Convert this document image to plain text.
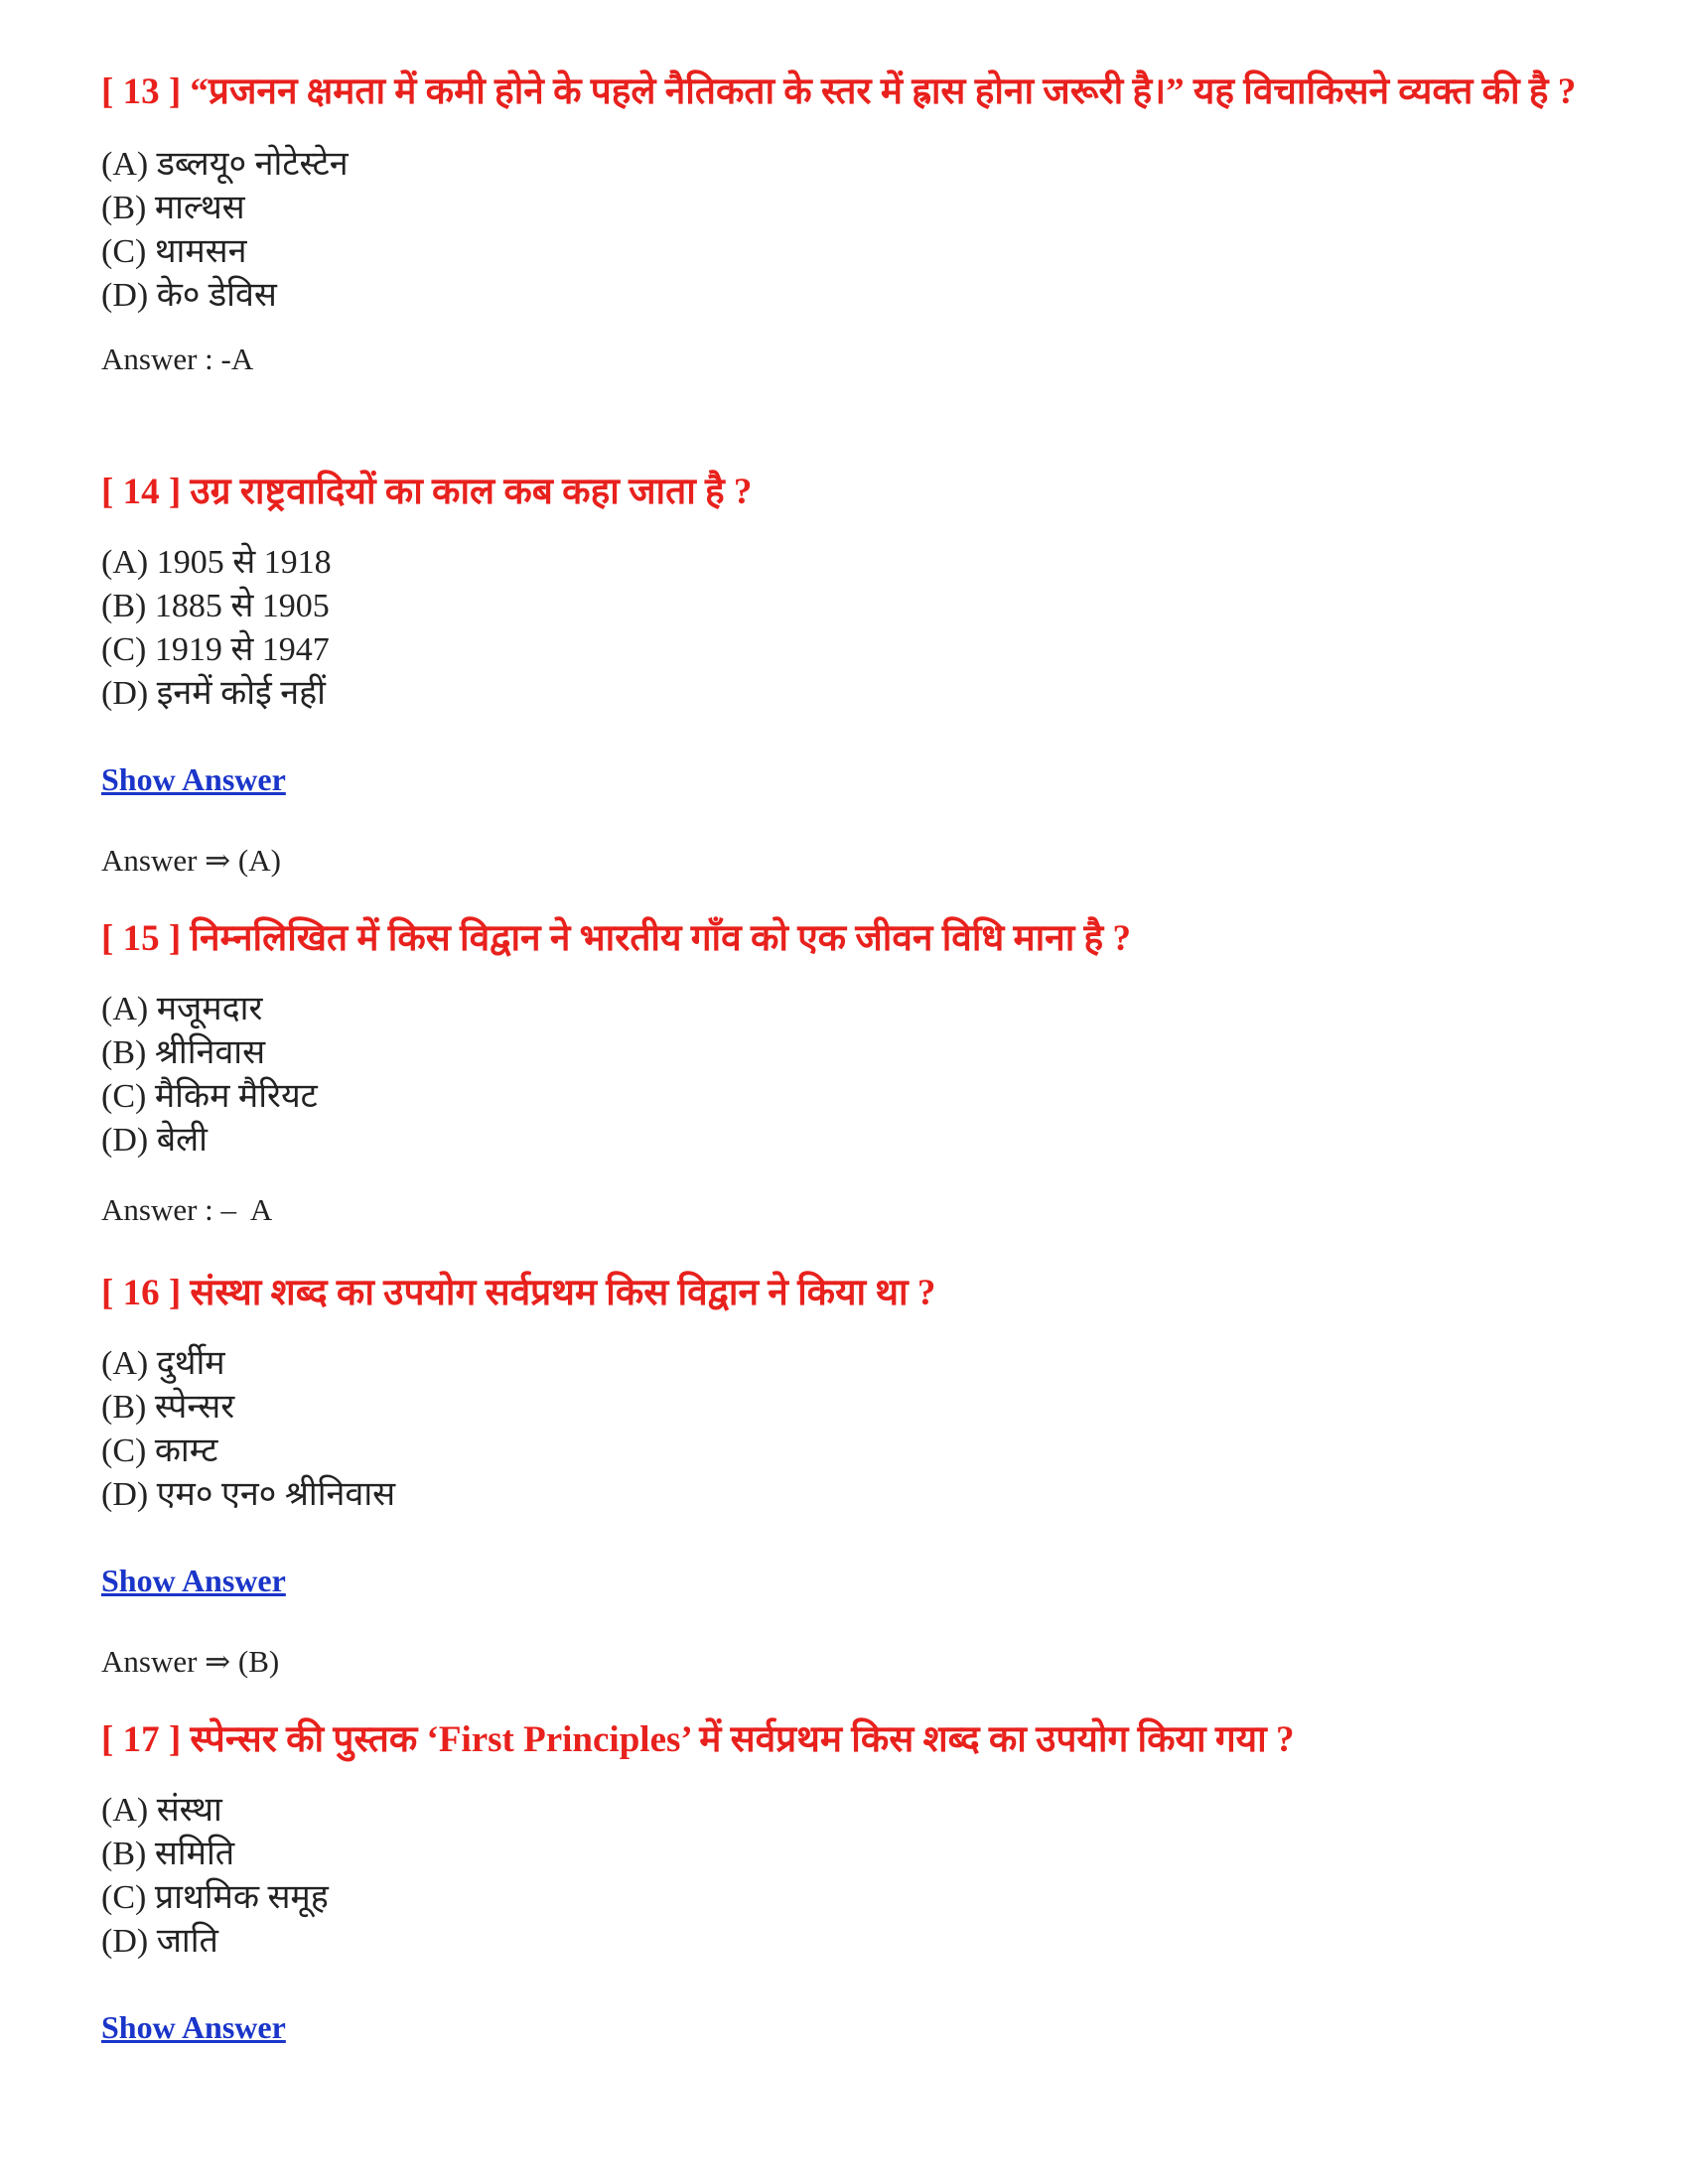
[ 13 ] “प्रजनन क्षमता में कमी होने के पहले नैतिकता के स्तर में ह्रास होना जरूरी है।” यह विचाकिसने व्यक्त की है ?

(A) डब्लयू० नोटेस्टेन
(B) माल्थस
(C) थामसन
(D) के० डेविस
Answer : -A

[ 14 ] उग्र राष्ट्रवादियों का काल कब कहा जाता है ?

(A) 1905 से 1918
(B) 1885 से 1905
(C) 1919 से 1947
(D) इनमें कोई नहीं
Show Answer
Answer ⇒ (A)

[ 15 ] निम्नलिखित में किस विद्वान ने भारतीय गाँव को एक जीवन विधि माना है ?

(A) मजूमदार
(B) श्रीनिवास
(C) मैकिम मैरियट
(D) बेली
Answer : –  A

[ 16 ] संस्था शब्द का उपयोग सर्वप्रथम किस विद्वान ने किया था ?

(A) दुर्थीम
(B) स्पेन्सर
(C) काम्ट
(D) एम० एन० श्रीनिवास
Show Answer
Answer ⇒ (B)

[ 17 ] स्पेन्सर की पुस्तक ‘First Principles’ में सर्वप्रथम किस शब्द का उपयोग किया गया ?

(A) संस्था
(B) समिति
(C) प्राथमिक समूह
(D) जाति
Show Answer
